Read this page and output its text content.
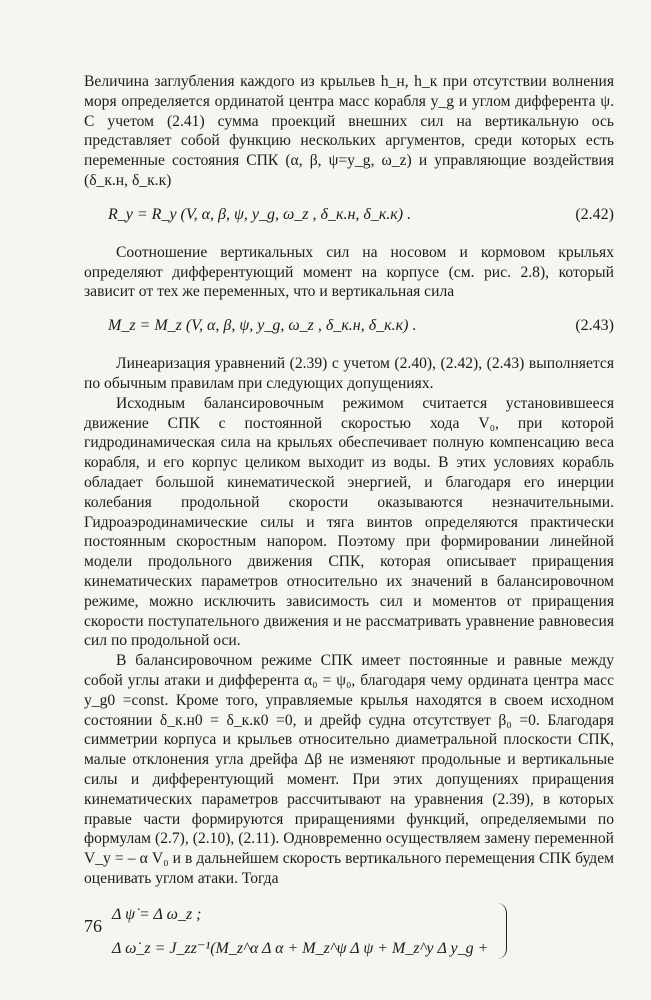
Величина заглубления каждого из крыльев h_н, h_к при отсутствии волнения моря определяется ординатой центра масс корабля y_g и углом дифферента ψ. С учетом (2.41) сумма проекций внешних сил на вертикальную ось представляет собой функцию нескольких аргументов, среди которых есть переменные состояния СПК (α, β, ψ=y_g, ω_z) и управляющие воздействия (δ_к.н, δ_к.к)

R_y = R_y (V, α, β, ψ, y_g, ω_z , δ_к.н, δ_к.к) .	(2.42)

Соотношение вертикальных сил на носовом и кормовом крыльях определяют дифферентующий момент на корпусе (см. рис. 2.8), который зависит от тех же переменных, что и вертикальная сила

M_z = M_z (V, α, β, ψ, y_g, ω_z , δ_к.н, δ_к.к) .	(2.43)

Линеаризация уравнений (2.39) с учетом (2.40), (2.42), (2.43) выполняется по обычным правилам при следующих допущениях.

Исходным балансировочным режимом считается установившееся движение СПК с постоянной скоростью хода V₀, при которой гидродинамическая сила на крыльях обеспечивает полную компенсацию веса корабля, и его корпус целиком выходит из воды. В этих условиях корабль обладает большой кинематической энергией, и благодаря его инерции колебания продольной скорости оказываются незначительными. Гидроаэродинамические силы и тяга винтов определяются практически постоянным скоростным напором. Поэтому при формировании линейной модели продольного движения СПК, которая описывает приращения кинематических параметров относительно их значений в балансировочном режиме, можно исключить зависимость сил и моментов от приращения скорости поступательного движения и не рассматривать уравнение равновесия сил по продольной оси.

В балансировочном режиме СПК имеет постоянные и равные между собой углы атаки и дифферента α₀ = ψ₀, благодаря чему ордината центра масс y_g0 =const. Кроме того, управляемые крылья находятся в своем исходном состоянии δ_к.н0 = δ_к.к0 =0, и дрейф судна отсутствует β₀ =0. Благодаря симметрии корпуса и крыльев относительно диаметральной плоскости СПК, малые отклонения угла дрейфа Δβ не изменяют продольные и вертикальные силы и дифферентующий момент. При этих допущениях приращения кинематических параметров рассчитывают на уравнения (2.39), в которых правые части формируются приращениями функций, определяемыми по формулам (2.7), (2.10), (2.11). Одновременно осуществляем замену переменной V_y = – α V₀ и в дальнейшем скорость вертикального перемещения СПК будем оценивать углом атаки. Тогда

Δ ψ̇ = Δ ω_z ;
Δ ω̇_z = J_zz⁻¹(M_z^α Δ α + M_z^ψ Δ ψ + M_z^y Δ y_g +
76
